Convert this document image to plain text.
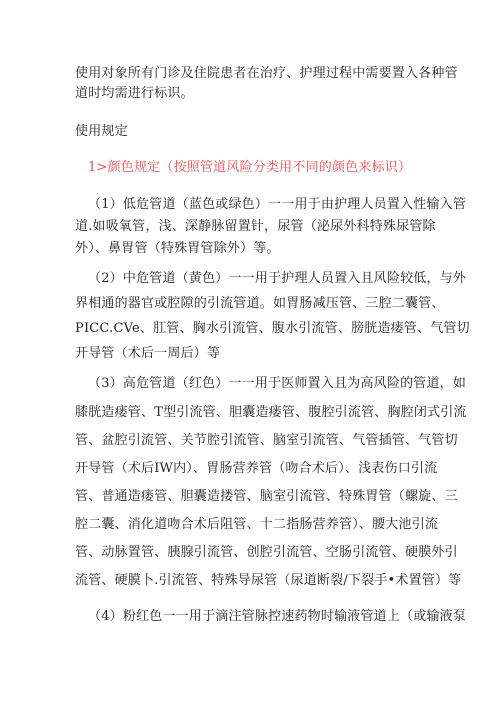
使用对象所有门诊及住院患者在治疗、护理过程中需要置入各种管
道时均需进行标识。
使用规定
1>颜色规定（按照管道风险分类用不同的颜色来标识）
（1）低危管道（蓝色或绿色）一一用于由护理人员置入性输入管
道.如吸氧管，浅、深静脉留置针，尿管（泌尿外科特殊尿管除
外）、鼻胃管（特殊胃管除外）等。
（2）中危管道（黄色）一一用于护理人员置入且风险较低，与外
界相通的器官或腔隙的引流管道。如胃肠减压管、三腔二囊管、
PICC.CVe、肛管、胸水引流管、腹水引流管、膀胱造瘘管、气管切
开导管（术后一周后）等
（3）高危管道（红色）一一用于医师置入且为高风险的管道，如
膝胱造瘘管、T型引流管、胆囊造瘘管、腹腔引流管、胸腔闭式引流
管、盆腔引流管、关节腔引流管、脑室引流管、气管插管、气管切
开导管（术后IW内）、胃肠营养管（吻合术后）、浅表伤口引流
管、普通造瘘管、胆囊造搂管、脑室引流管、特殊胃管（螺旋、三
腔二囊、消化道吻合术后阻管、十二指肠营养管）、腰大池引流
管、动脉置管、胰腺引流管、创腔引流管、空肠引流管、硬膜外引
流管、硬膜卜.引流管、特殊导尿管（尿道断裂/下裂手•术置管）等
（4）粉红色一一用于滴注管脉控速药物时输液管道上（或输液泵
